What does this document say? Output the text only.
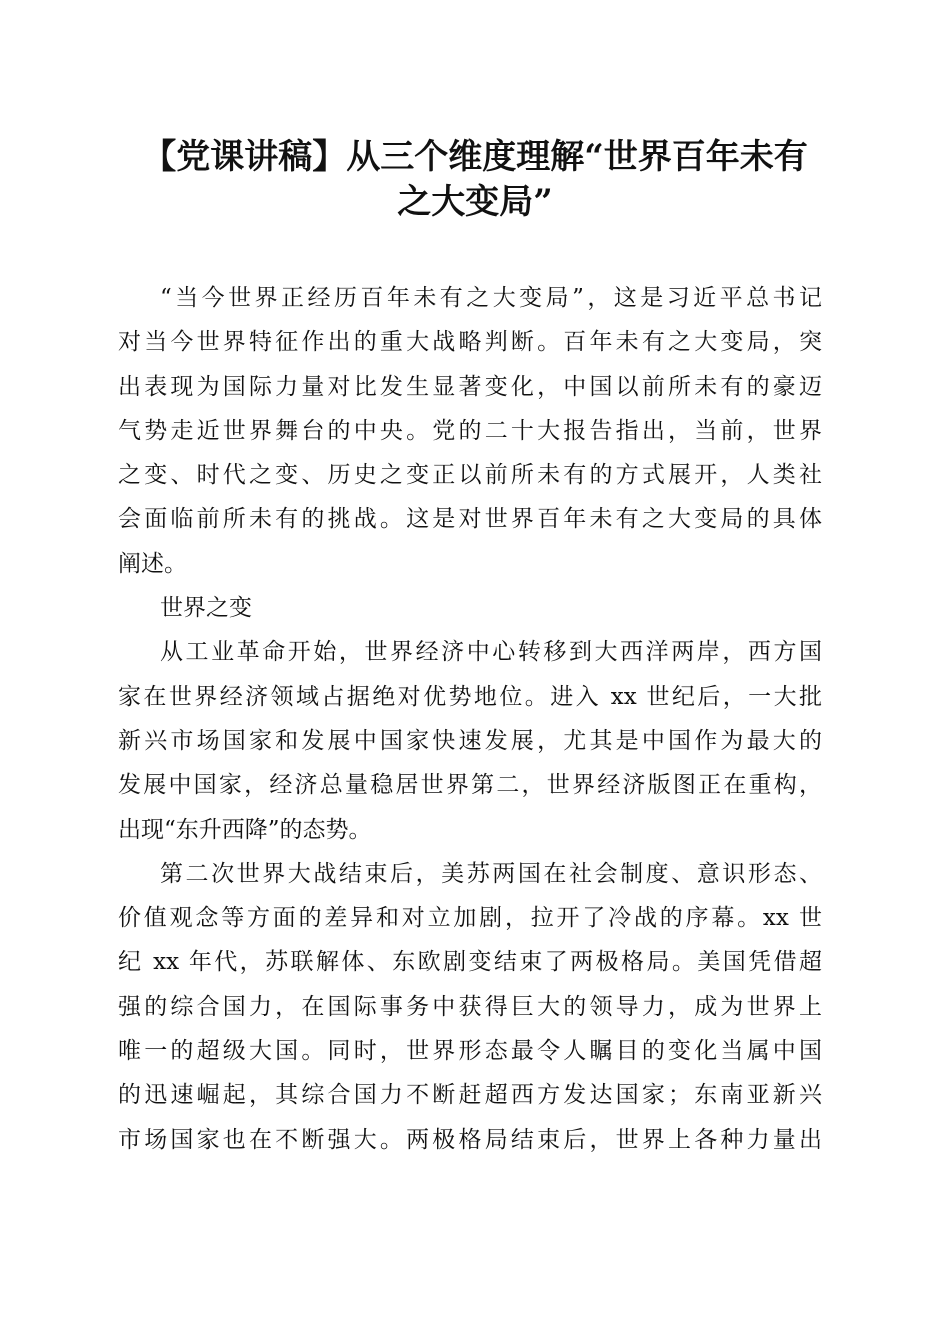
【党课讲稿】从三个维度理解“世界百年未有
之大变局”
“当今世界正经历百年未有之大变局”，这是习近平总书记
对当今世界特征作出的重大战略判断。百年未有之大变局，突
出表现为国际力量对比发生显著变化，中国以前所未有的豪迈
气势走近世界舞台的中央。党的二十大报告指出，当前，世界
之变、时代之变、历史之变正以前所未有的方式展开，人类社
会面临前所未有的挑战。这是对世界百年未有之大变局的具体
阐述。
世界之变
从工业革命开始，世界经济中心转移到大西洋两岸，西方国
家在世界经济领域占据绝对优势地位。进入 xx 世纪后，一大批
新兴市场国家和发展中国家快速发展，尤其是中国作为最大的
发展中国家，经济总量稳居世界第二，世界经济版图正在重构，
出现“东升西降”的态势。
第二次世界大战结束后，美苏两国在社会制度、意识形态、
价值观念等方面的差异和对立加剧，拉开了冷战的序幕。xx 世
纪 xx 年代，苏联解体、东欧剧变结束了两极格局。美国凭借超
强的综合国力，在国际事务中获得巨大的领导力，成为世界上
唯一的超级大国。同时，世界形态最令人瞩目的变化当属中国
的迅速崛起，其综合国力不断赶超西方发达国家；东南亚新兴
市场国家也在不断强大。两极格局结束后，世界上各种力量出
